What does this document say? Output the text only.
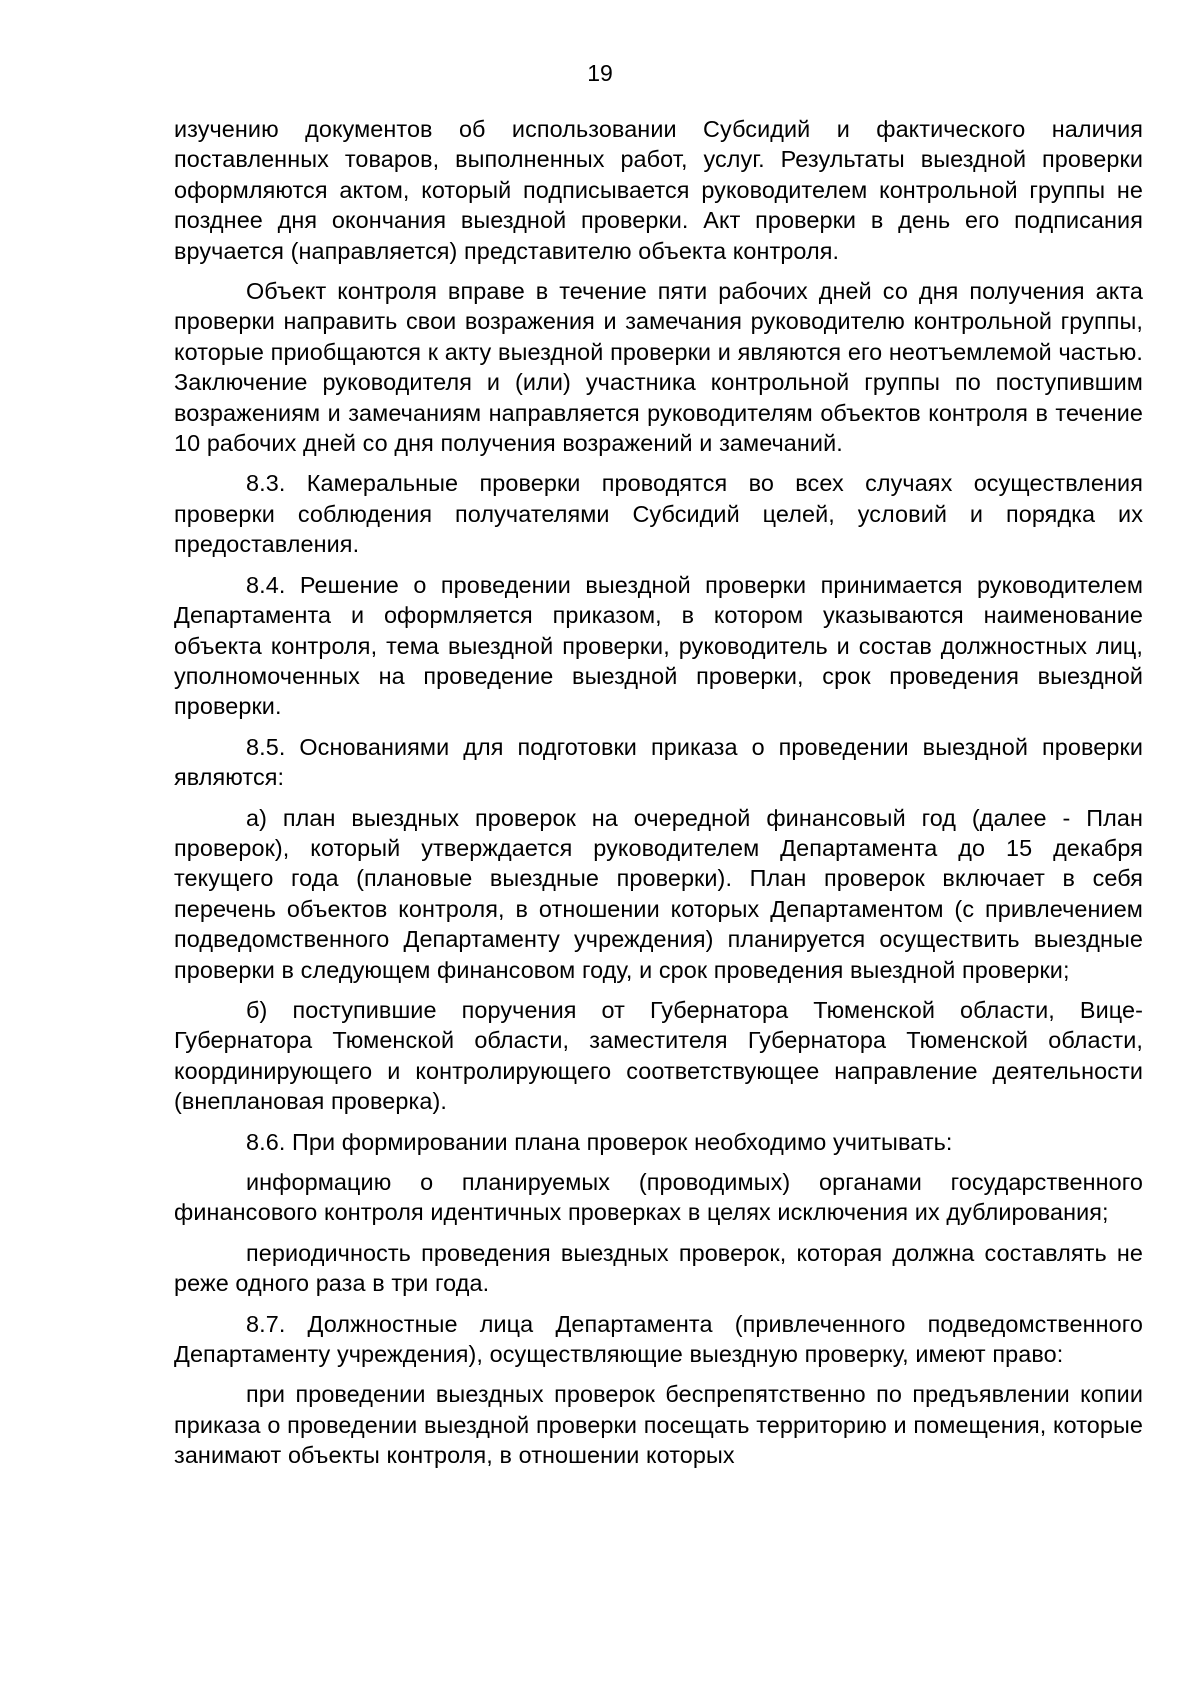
19

изучению документов об использовании Субсидий и фактического наличия поставленных товаров, выполненных работ, услуг. Результаты выездной проверки оформляются актом, который подписывается руководителем контрольной группы не позднее дня окончания выездной проверки. Акт проверки в день его подписания вручается (направляется) представителю объекта контроля.

Объект контроля вправе в течение пяти рабочих дней со дня получения акта проверки направить свои возражения и замечания руководителю контрольной группы, которые приобщаются к акту выездной проверки и являются его неотъемлемой частью. Заключение руководителя и (или) участника контрольной группы по поступившим возражениям и замечаниям направляется руководителям объектов контроля в течение 10 рабочих дней со дня получения возражений и замечаний.

8.3. Камеральные проверки проводятся во всех случаях осуществления проверки соблюдения получателями Субсидий целей, условий и порядка их предоставления.

8.4. Решение о проведении выездной проверки принимается руководителем Департамента и оформляется приказом, в котором указываются наименование объекта контроля, тема выездной проверки, руководитель и состав должностных лиц, уполномоченных на проведение выездной проверки, срок проведения выездной проверки.

8.5. Основаниями для подготовки приказа о проведении выездной проверки являются:

а) план выездных проверок на очередной финансовый год (далее - План проверок), который утверждается руководителем Департамента до 15 декабря текущего года (плановые выездные проверки). План проверок включает в себя перечень объектов контроля, в отношении которых Департаментом (с привлечением подведомственного Департаменту учреждения) планируется осуществить выездные проверки в следующем финансовом году, и срок проведения выездной проверки;

б) поступившие поручения от Губернатора Тюменской области, Вице-Губернатора Тюменской области, заместителя Губернатора Тюменской области, координирующего и контролирующего соответствующее направление деятельности (внеплановая проверка).

8.6. При формировании плана проверок необходимо учитывать:

информацию о планируемых (проводимых) органами государственного финансового контроля идентичных проверках в целях исключения их дублирования;

периодичность проведения выездных проверок, которая должна составлять не реже одного раза в три года.

8.7. Должностные лица Департамента (привлеченного подведомственного Департаменту учреждения), осуществляющие выездную проверку, имеют право:

при проведении выездных проверок беспрепятственно по предъявлении копии приказа о проведении выездной проверки посещать территорию и помещения, которые занимают объекты контроля, в отношении которых
